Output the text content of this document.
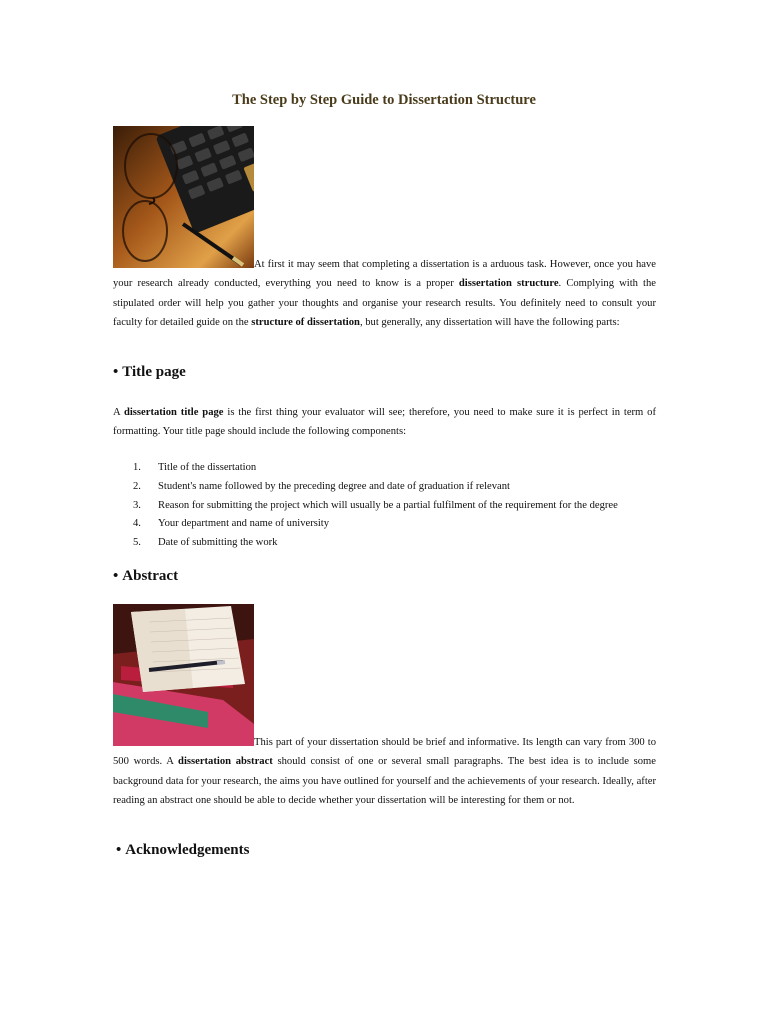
The Step by Step Guide to Dissertation Structure

At first it may seem that completing a dissertation is a arduous task. However, once you have your research already conducted, everything you need to know is a proper dissertation structure. Complying with the stipulated order will help you gather your thoughts and organise your research results. You definitely need to consult your faculty for detailed guide on the structure of dissertation, but generally, any dissertation will have the following parts:

• Title page

A dissertation title page is the first thing your evaluator will see; therefore, you need to make sure it is perfect in term of formatting. Your title page should include the following components:

1. Title of the dissertation
2. Student's name followed by the preceding degree and date of graduation if relevant
3. Reason for submitting the project which will usually be a partial fulfilment of the requirement for the degree
4. Your department and name of university
5. Date of submitting the work
• Abstract

This part of your dissertation should be brief and informative. Its length can vary from 300 to 500 words. A dissertation abstract should consist of one or several small paragraphs. The best idea is to include some background data for your research, the aims you have outlined for yourself and the achievements of your research. Ideally, after reading an abstract one should be able to decide whether your dissertation will be interesting for them or not.

• Acknowledgements
